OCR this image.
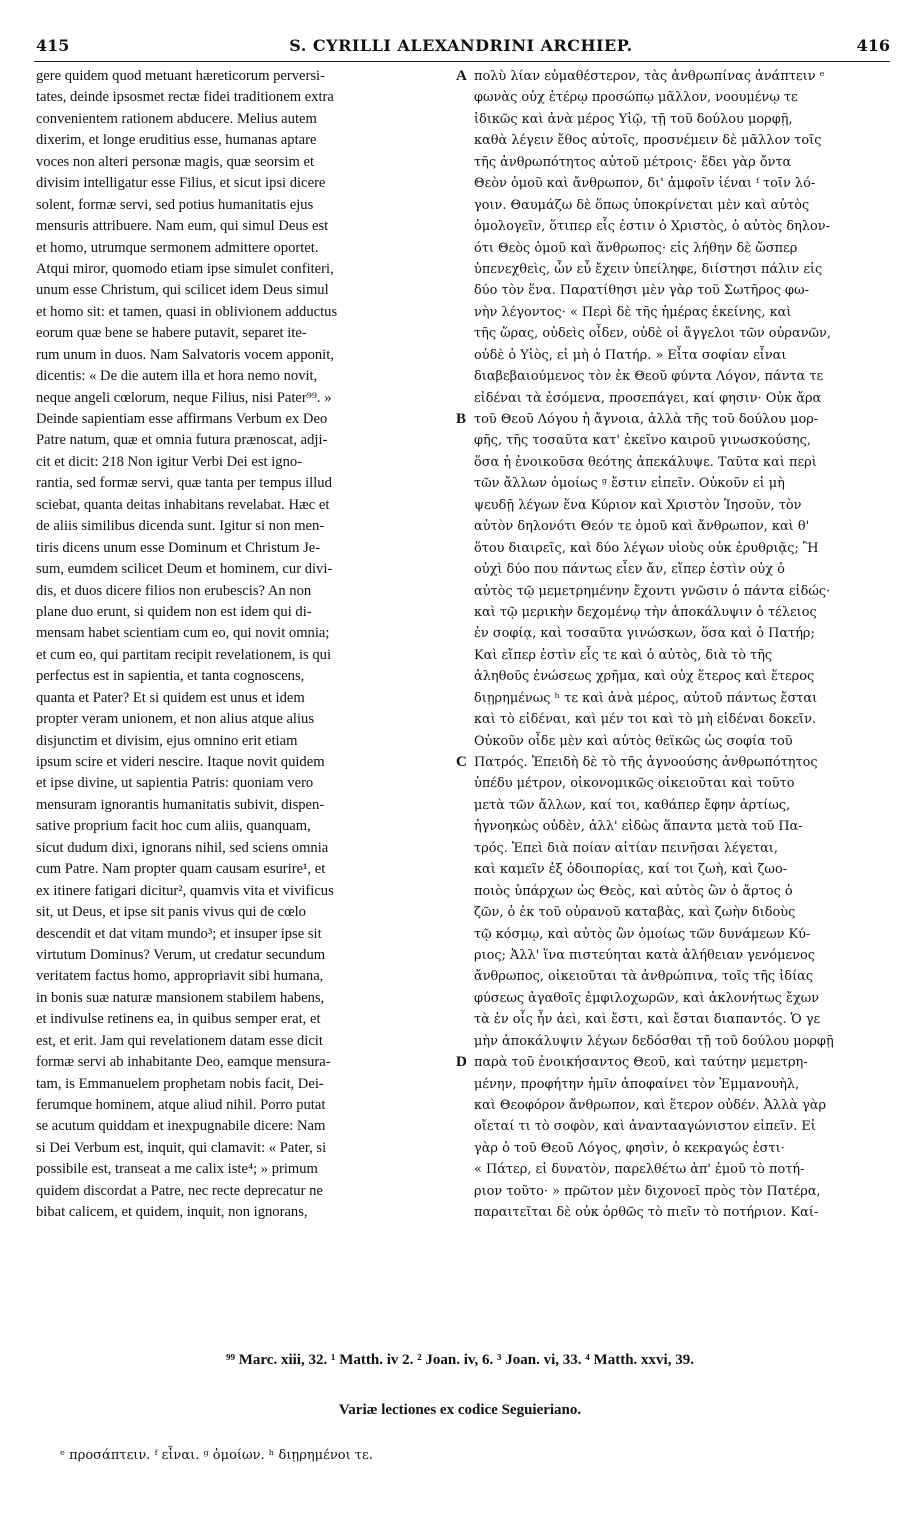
415	S. CYRILLI ALEXANDRINI ARCHIEP.	416
gere quidem quod metuant hæreticorum perversi-
tates, deinde ipsosmet rectæ fidei traditionem extra
convenientem rationem abducere. Melius autem
dixerim, et longe eruditius esse, humanas aptare
voces non alteri personæ magis, quæ seorsim et
divisim intelligatur esse Filius, et sicut ipsi dicere
solent, formæ servi, sed potius humanitatis ejus
mensuris attribuere. Nam eum, qui simul Deus est
et homo, utrumque sermonem admittere oportet.
Atqui miror, quomodo etiam ipse simulet confiteri,
unum esse Christum, qui scilicet idem Deus simul
et homo sit: et tamen, quasi in oblivionem adductus
eorum quæ bene se habere putavit, separet ite-
rum unum in duos. Nam Salvatoris vocem apponit,
dicentis: « De die autem illa et hora nemo novit,
neque angeli cœlorum, neque Filius, nisi Pater⁹⁹. »
Deinde sapientiam esse affirmans Verbum ex Deo
Patre natum, quæ et omnia futura prænoscat, adji-
cit et dicit: 218 Non igitur Verbi Dei est igno-
rantia, sed formæ servi, quæ tanta per tempus illud
sciebat, quanta deitas inhabitans revelabat. Hæc et
de aliis similibus dicenda sunt. Igitur si non men-
tiris dicens unum esse Dominum et Christum Je-
sum, eumdem scilicet Deum et hominem, cur divi-
dis, et duos dicere filios non erubescis? An non
plane duo erunt, si quidem non est idem qui di-
mensam habet scientiam cum eo, qui novit omnia;
et cum eo, qui partitam recipit revelationem, is qui
perfectus est in sapientia, et tanta cognoscens,
quanta et Pater? Et si quidem est unus et idem
propter veram unionem, et non alius atque alius
disjunctim et divisim, ejus omnino erit etiam
ipsum scire et videri nescire. Itaque novit quidem
et ipse divine, ut sapientia Patris: quoniam vero
mensuram ignorantis humanitatis subivit, dispen-
sative proprium facit hoc cum aliis, quanquam,
sicut dudum dixi, ignorans nihil, sed sciens omnia
cum Patre. Nam propter quam causam esurire¹, et
ex itinere fatigari dicitur², quamvis vita et vivificus
sit, ut Deus, et ipse sit panis vivus qui de cœlo
descendit et dat vitam mundo³; et insuper ipse sit
virtutum Dominus? Verum, ut credatur secundum
veritatem factus homo, appropriavit sibi humana,
in bonis suæ naturæ mansionem stabilem habens,
et indivulse retinens ea, in quibus semper erat, et
est, et erit. Jam qui revelationem datam esse dicit
formæ servi ab inhabitante Deo, eamque mensura-
tam, is Emmanuelem prophetam nobis facit, Dei-
ferumque hominem, atque aliud nihil. Porro putat
se acutum quiddam et inexpugnabile dicere: Nam
si Dei Verbum est, inquit, qui clamavit: « Pater, si
possibile est, transeat a me calix iste⁴; » primum
quidem discordat a Patre, nec recte deprecatur ne
bibat calicem, et quidem, inquit, non ignorans,
πολὺ λίαν εὐμαθέστερον, τὰς ἀνθρωπίνας ἀνάπτειν ᵉ
φωνὰς οὐχ ἑτέρῳ προσώπῳ μᾶλλον, νοουμένῳ τε
ἰδικῶς καὶ ἀνὰ μέρος Υἱῷ, τῇ τοῦ δούλου μορφῇ,
καθὰ λέγειν ἔθος αὐτοῖς, προσνέμειν δὲ μᾶλλον τοῖς
τῆς ἀνθρωπότητος αὐτοῦ μέτροις· ἔδει γὰρ ὄντα
Θεὸν ὁμοῦ καὶ ἄνθρωπον, δι' ἀμφοῖν ἰέναι ᶠ τοῖν λό-
γοιν. Θαυμάζω δὲ ὅπως ὑποκρίνεται μὲν καὶ αὐτὸς
ὁμολογεῖν, ὅτιπερ εἷς ἐστιν ὁ Χριστὸς, ὁ αὐτὸς δηλον-
ότι Θεὸς ὁμοῦ καὶ ἄνθρωπος· εἰς λήθην δὲ ὥσπερ
ὑπενεχθεὶς, ὧν εὖ ἔχειν ὑπείληφε, διίστησι πάλιν εἰς
δύο τὸν ἕνα. Παρατίθησι μὲν γὰρ τοῦ Σωτῆρος φω-
νὴν λέγοντος· « Περὶ δὲ τῆς ἡμέρας ἐκείνης, καὶ
τῆς ὥρας, οὐδεὶς οἶδεν, οὐδὲ οἱ ἄγγελοι τῶν οὐρανῶν,
οὐδὲ ὁ Υἱὸς, εἰ μὴ ὁ Πατήρ. » Εἶτα σοφίαν εἶναι
διαβεβαιούμενος τὸν ἐκ Θεοῦ φύντα Λόγον, πάντα τε
εἰδέναι τὰ ἐσόμενα, προσεπάγει, καί φησιν· Οὐκ ἄρα
τοῦ Θεοῦ Λόγου ἡ ἄγνοια, ἀλλὰ τῆς τοῦ δούλου μορ-
φῆς, τῆς τοσαῦτα κατ' ἐκεῖνο καιροῦ γινωσκούσης,
ὅσα ἡ ἐνοικοῦσα θεότης ἀπεκάλυψε. Ταῦτα καὶ περὶ
τῶν ἄλλων ὁμοίως ᵍ ἔστιν εἰπεῖν. Οὐκοῦν εἰ μὴ
ψευδῇ λέγων ἕνα Κύριον καὶ Χριστὸν Ἰησοῦν, τὸν
αὐτὸν δηλονότι Θεόν τε ὁμοῦ καὶ ἄνθρωπον, καὶ θ'
ὅτου διαιρεῖς, καὶ δύο λέγων υἱοὺς οὐκ ἐρυθριᾷς; Ἢ
οὐχὶ δύο που πάντως εἶεν ἄν, εἴπερ ἐστὶν οὐχ ὁ
αὐτὸς τῷ μεμετρημένην ἔχοντι γνῶσιν ὁ πάντα εἰδώς·
καὶ τῷ μερικὴν δεχομένῳ τὴν ἀποκάλυψιν ὁ τέλειος
ἐν σοφίᾳ, καὶ τοσαῦτα γινώσκων, ὅσα καὶ ὁ Πατήρ;
Καὶ εἴπερ ἐστὶν εἷς τε καὶ ὁ αὐτὸς, διὰ τὸ τῆς
ἀληθοῦς ἑνώσεως χρῆμα, καὶ οὐχ ἕτερος καὶ ἕτερος
διῃρημένως ʰ τε καὶ ἀνὰ μέρος, αὐτοῦ πάντως ἔσται
καὶ τὸ εἰδέναι, καὶ μέν τοι καὶ τὸ μὴ εἰδέναι δοκεῖν.
Οὐκοῦν οἶδε μὲν καὶ αὐτὸς θεϊκῶς ὡς σοφία τοῦ
Πατρός. Ἐπειδὴ δὲ τὸ τῆς ἀγνοούσης ἀνθρωπότητος
ὑπέδυ μέτρον, οἰκονομικῶς οἰκειοῦται καὶ τοῦτο
μετὰ τῶν ἄλλων, καί τοι, καθάπερ ἔφην ἀρτίως,
ἠγνοηκὼς οὐδὲν, ἀλλ' εἰδὼς ἅπαντα μετὰ τοῦ Πα-
τρός. Ἐπεὶ διὰ ποίαν αἰτίαν πεινῆσαι λέγεται,
καὶ καμεῖν ἐξ ὁδοιπορίας, καί τοι ζωὴ, καὶ ζωο-
ποιὸς ὑπάρχων ὡς Θεὸς, καὶ αὐτὸς ὢν ὁ ἄρτος ὁ
ζῶν, ὁ ἐκ τοῦ οὐρανοῦ καταβὰς, καὶ ζωὴν διδοὺς
τῷ κόσμῳ, καὶ αὐτὸς ὢν ὁμοίως τῶν δυνάμεων Κύ-
ριος; Ἀλλ' ἵνα πιστεύηται κατὰ ἀλήθειαν γενόμενος
ἄνθρωπος, οἰκειοῦται τὰ ἀνθρώπινα, τοῖς τῆς ἰδίας
φύσεως ἀγαθοῖς ἐμφιλοχωρῶν, καὶ ἀκλονήτως ἔχων
τὰ ἐν οἷς ἦν ἀεὶ, καὶ ἔστι, καὶ ἔσται διαπαντός. Ὁ γε
μὴν ἀποκάλυψιν λέγων δεδόσθαι τῇ τοῦ δούλου μορφῇ
παρὰ τοῦ ἐνοικήσαντος Θεοῦ, καὶ ταύτην μεμετρη-
μένην, προφήτην ἡμῖν ἀποφαίνει τὸν Ἐμμανουὴλ,
καὶ Θεοφόρον ἄνθρωπον, καὶ ἕτερον οὐδέν. Ἀλλὰ γὰρ
οἴεταί τι τὸ σοφὸν, καὶ ἀναντααγώνιστον εἰπεῖν. Εἰ
γὰρ ὁ τοῦ Θεοῦ Λόγος, φησὶν, ὁ κεκραγώς ἐστι·
« Πάτερ, εἰ δυνατὸν, παρελθέτω ἀπ' ἐμοῦ τὸ ποτή-
ριον τοῦτο· » πρῶτον μὲν διχονοεῖ πρὸς τὸν Πατέρα,
παραιτεῖται δὲ οὐκ ὀρθῶς τὸ πιεῖν τὸ ποτήριον. Καί-
A
B
C
D
⁹⁹ Marc. xiii, 32. ¹ Matth. iv 2. ² Joan. iv, 6. ³ Joan. vi, 33. ⁴ Matth. xxvi, 39.
Variæ lectiones ex codice Seguieriano.
ᵉ προσάπτειν. ᶠ εἶναι. ᵍ ὁμοίων. ʰ διῃρημένοι τε.
